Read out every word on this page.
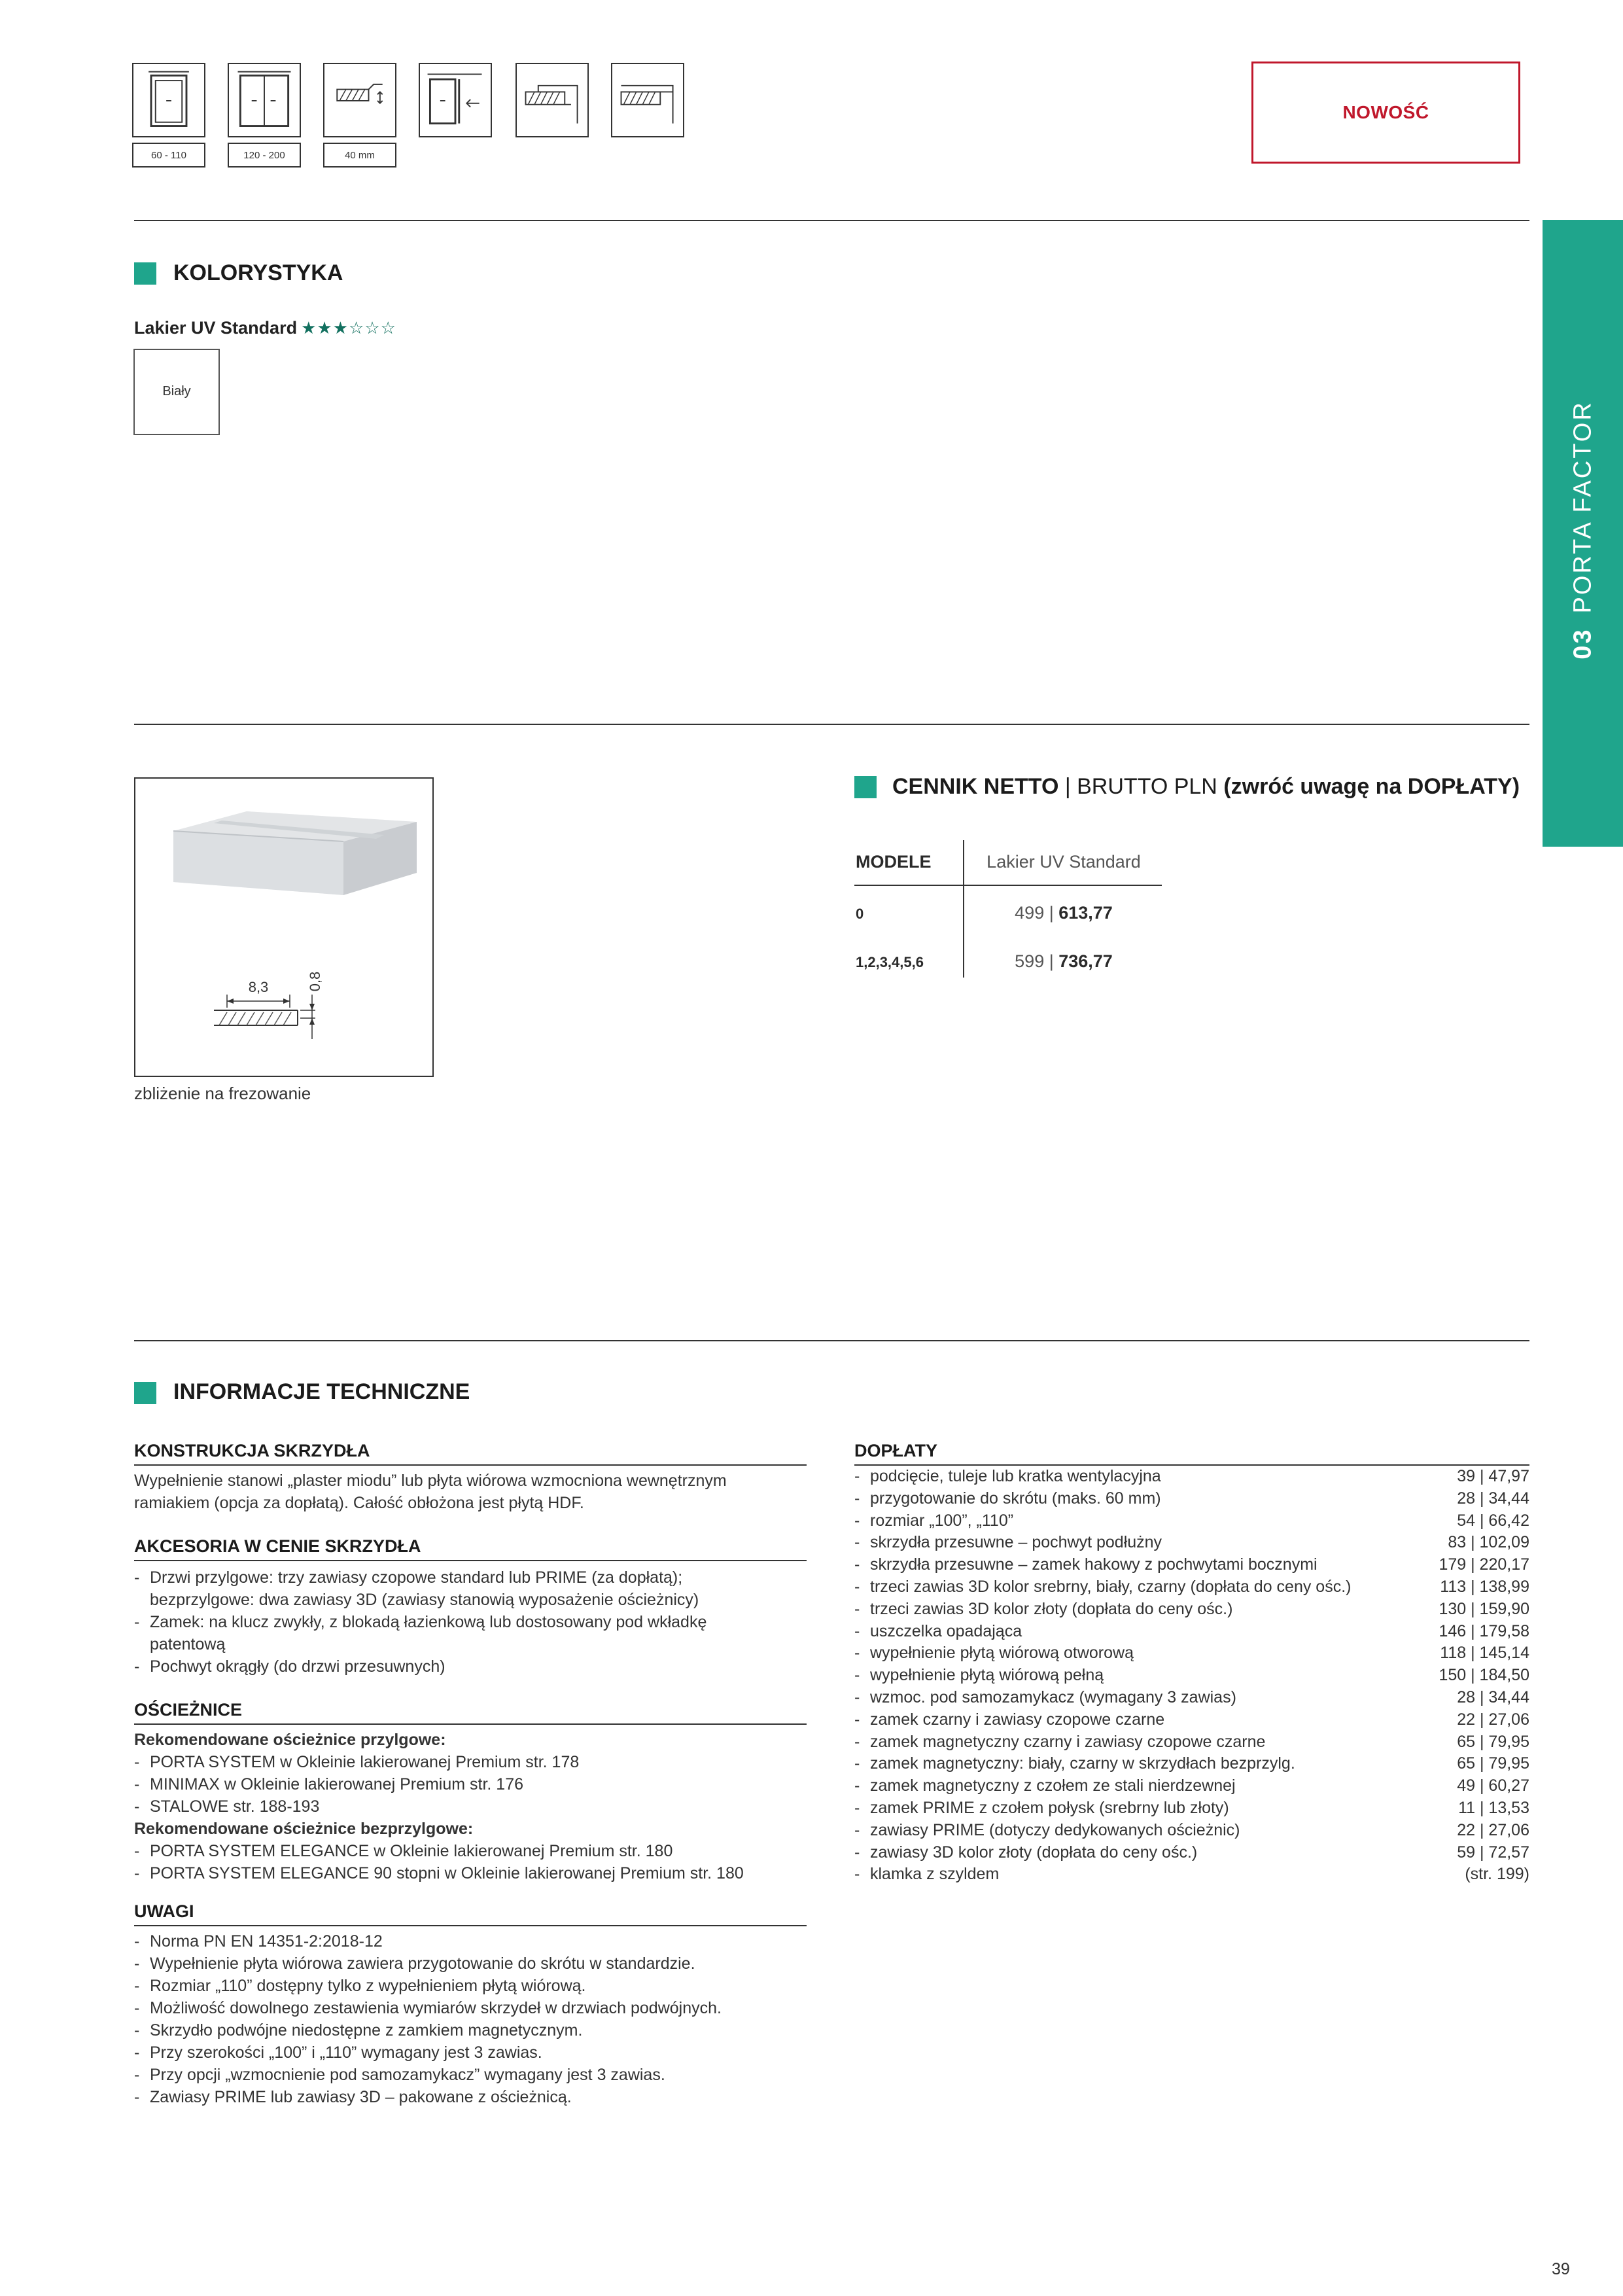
60 - 110	120 - 200	40 mm
NOWOŚĆ
03PORTA FACTOR
KOLORYSTYKA
Lakier UV Standard ★★★☆☆☆
Biały
8,3	0,8
zbliżenie na frezowanie
CENNIK NETTO | BRUTTO PLN (zwróć uwagę na DOPŁATY)
MODELE	Lakier UV Standard
0	499 | 613,77
1,2,3,4,5,6	599 | 736,77
INFORMACJE TECHNICZNE
KONSTRUKCJA SKRZYDŁA
Wypełnienie stanowi „plaster miodu” lub płyta wiórowa wzmocniona wewnętrznym
ramiakiem (opcja za dopłatą). Całość obłożona jest płytą HDF.
AKCESORIA W CENIE SKRZYDŁA
- Drzwi przylgowe: trzy zawiasy czopowe standard lub PRIME (za dopłatą); bezprzylgowe: dwa zawiasy 3D (zawiasy stanowią wyposażenie ościeżnicy)
- Zamek: na klucz zwykły, z blokadą łazienkową lub dostosowany pod wkładkę patentową
- Pochwyt okrągły (do drzwi przesuwnych)
OŚCIEŻNICE
Rekomendowane ościeżnice przylgowe:
- PORTA SYSTEM w Okleinie lakierowanej Premium str. 178
- MINIMAX w Okleinie lakierowanej Premium str. 176
- STALOWE str. 188-193
Rekomendowane ościeżnice bezprzylgowe:
- PORTA SYSTEM ELEGANCE w Okleinie lakierowanej Premium str. 180
- PORTA SYSTEM ELEGANCE 90 stopni w Okleinie lakierowanej Premium str. 180
UWAGI
- Norma PN EN 14351-2:2018-12
- Wypełnienie płyta wiórowa zawiera przygotowanie do skrótu w standardzie.
- Rozmiar „110” dostępny tylko z wypełnieniem płytą wiórową.
- Możliwość dowolnego zestawienia wymiarów skrzydeł w drzwiach podwójnych.
- Skrzydło podwójne niedostępne z zamkiem magnetycznym.
- Przy szerokości „100” i „110” wymagany jest 3 zawias.
- Przy opcji „wzmocnienie pod samozamykacz” wymagany jest 3 zawias.
- Zawiasy PRIME lub zawiasy 3D – pakowane z ościeżnicą.
DOPŁATY
- podcięcie, tuleje lub kratka wentylacyjna	39 | 47,97
- przygotowanie do skrótu (maks. 60 mm)	28 | 34,44
- rozmiar „100”, „110”	54 | 66,42
- skrzydła przesuwne – pochwyt podłużny	83 | 102,09
- skrzydła przesuwne – zamek hakowy z pochwytami bocznymi	179 | 220,17
- trzeci zawias 3D kolor srebrny, biały, czarny (dopłata do ceny ośc.)	113 | 138,99
- trzeci zawias 3D kolor złoty (dopłata do ceny ośc.)	130 | 159,90
- uszczelka opadająca	146 | 179,58
- wypełnienie płytą wiórową otworową	118 | 145,14
- wypełnienie płytą wiórową pełną	150 | 184,50
- wzmoc. pod samozamykacz (wymagany 3 zawias)	28 | 34,44
- zamek czarny i zawiasy czopowe czarne	22 | 27,06
- zamek magnetyczny czarny i zawiasy czopowe czarne	65 | 79,95
- zamek magnetyczny: biały, czarny w skrzydłach bezprzylg.	65 | 79,95
- zamek magnetyczny z czołem ze stali nierdzewnej	49 | 60,27
- zamek PRIME z czołem połysk (srebrny lub złoty)	11 | 13,53
- zawiasy PRIME (dotyczy dedykowanych ościeżnic)	22 | 27,06
- zawiasy 3D kolor złoty (dopłata do ceny ośc.)	59 | 72,57
- klamka z szyldem	(str. 199)
39
